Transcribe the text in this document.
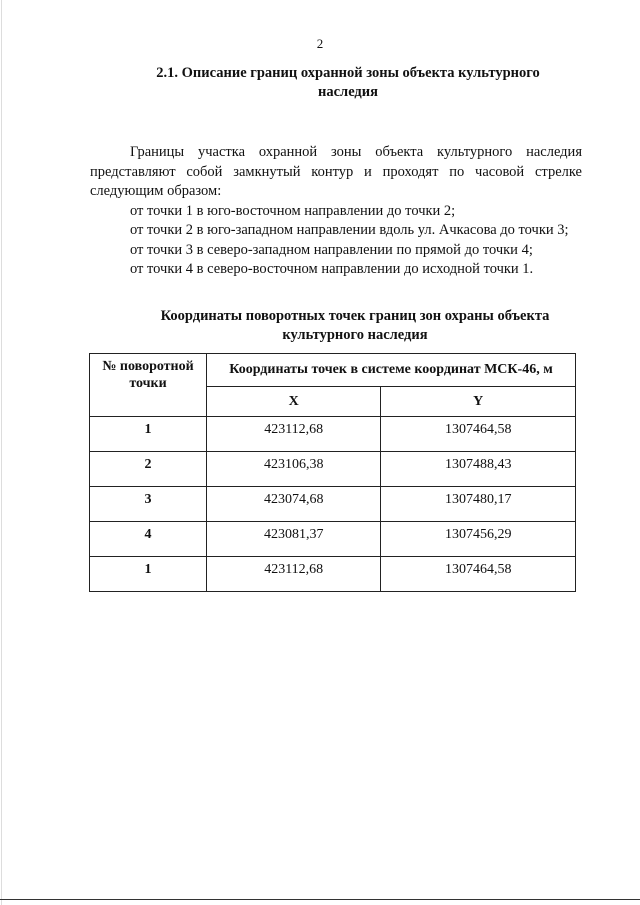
2
2.1. Описание границ охранной зоны объекта культурного наследия

Границы участка охранной зоны объекта культурного наследия представляют собой замкнутый контур и проходят по часовой стрелке следующим образом:

от точки 1 в юго-восточном направлении до точки 2;

от точки 2 в юго-западном направлении вдоль ул. Ачкасова до точки 3;

от точки 3 в северо-западном направлении по прямой до точки 4;

от точки 4 в северо-восточном направлении до исходной точки 1.

Координаты поворотных точек границ зон охраны объекта культурного наследия
№ поворотной точки	Координаты точек в системе координат МСК-46, м	
	X	Y
1	423112,68	1307464,58
2	423106,38	1307488,43
3	423074,68	1307480,17
4	423081,37	1307456,29
1	423112,68	1307464,58
